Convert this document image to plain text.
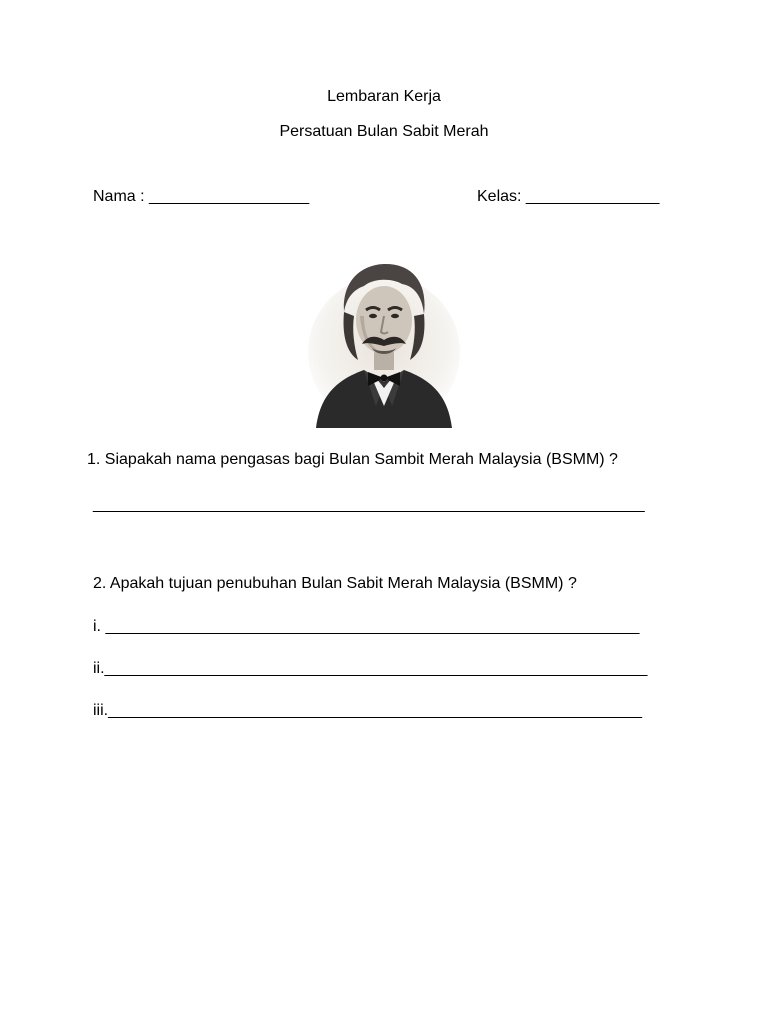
Lembaran Kerja
Persatuan Bulan Sabit Merah
Nama : __________________	Kelas: _______________
1. Siapakah nama pengasas bagi Bulan Sambit Merah Malaysia (BSMM) ?
______________________________________________________________
2. Apakah tujuan penubuhan Bulan Sabit Merah Malaysia (BSMM) ?
i. ____________________________________________________________
ii._____________________________________________________________
iii.____________________________________________________________
